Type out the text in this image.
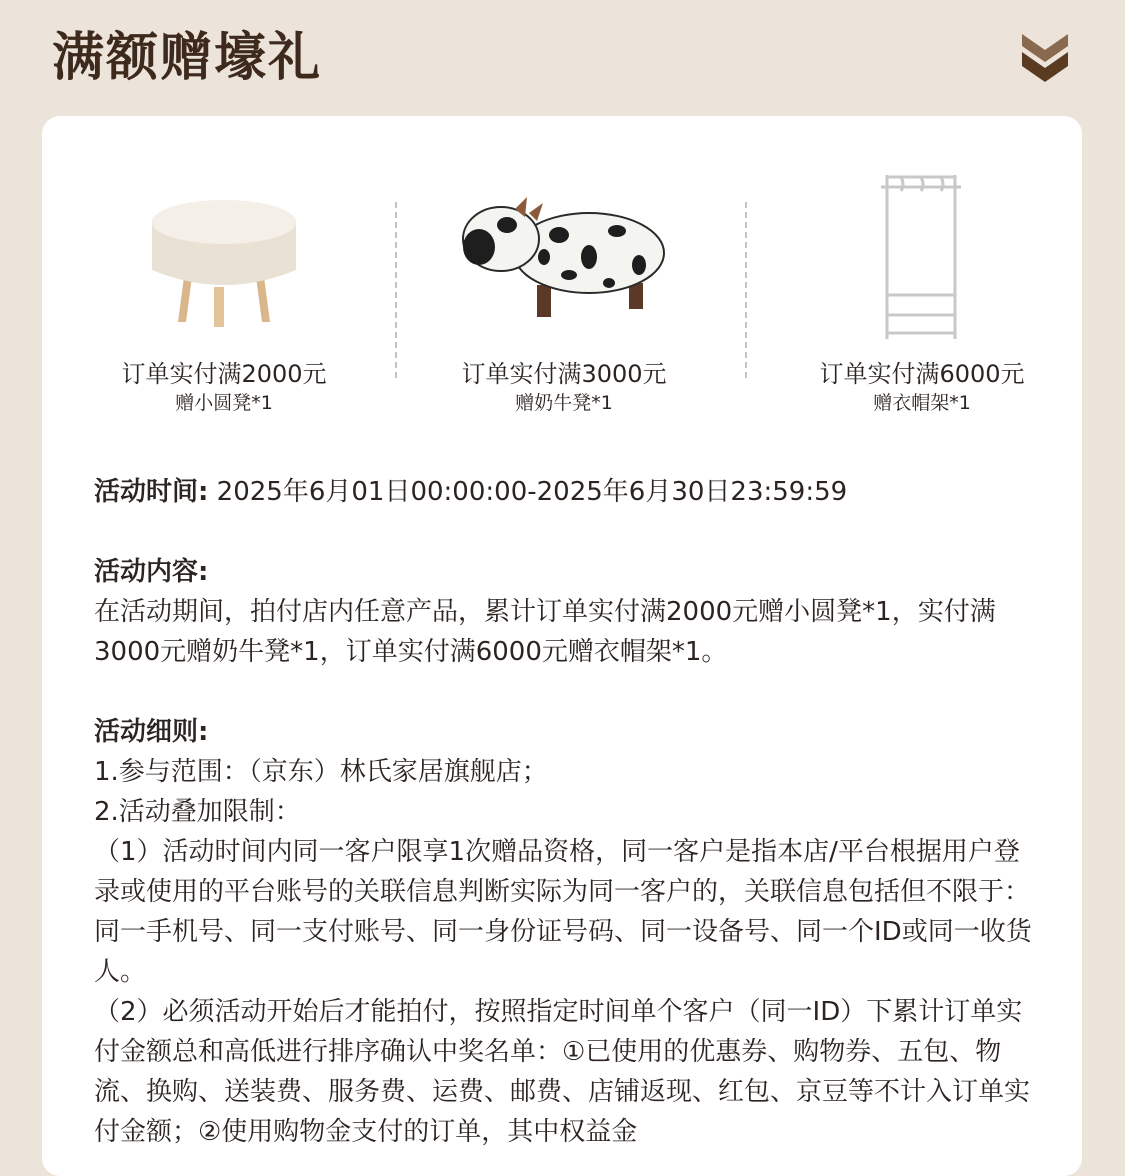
满额赠壕礼
订单实付满2000元
赠小圆凳*1
订单实付满3000元
赠奶牛凳*1
订单实付满6000元
赠衣帽架*1
活动时间: 2025年6月01日00:00:00-2025年6月30日23:59:59
活动内容:
在活动期间，拍付店内任意产品，累计订单实付满2000元赠小圆凳*1，实付满3000元赠奶牛凳*1，订单实付满6000元赠衣帽架*1。
活动细则:
1.参与范围：（京东）林氏家居旗舰店；
2.活动叠加限制：
（1）活动时间内同一客户限享1次赠品资格，同一客户是指本店/平台根据用户登录或使用的平台账号的关联信息判断实际为同一客户的，关联信息包括但不限于：同一手机号、同一支付账号、同一身份证号码、同一设备号、同一个ID或同一收货人。
（2）必须活动开始后才能拍付，按照指定时间单个客户（同一ID）下累计订单实付金额总和高低进行排序确认中奖名单：①已使用的优惠券、购物券、五包、物流、换购、送装费、服务费、运费、邮费、店铺返现、红包、京豆等不计入订单实付金额；②使用购物金支付的订单，其中权益金
